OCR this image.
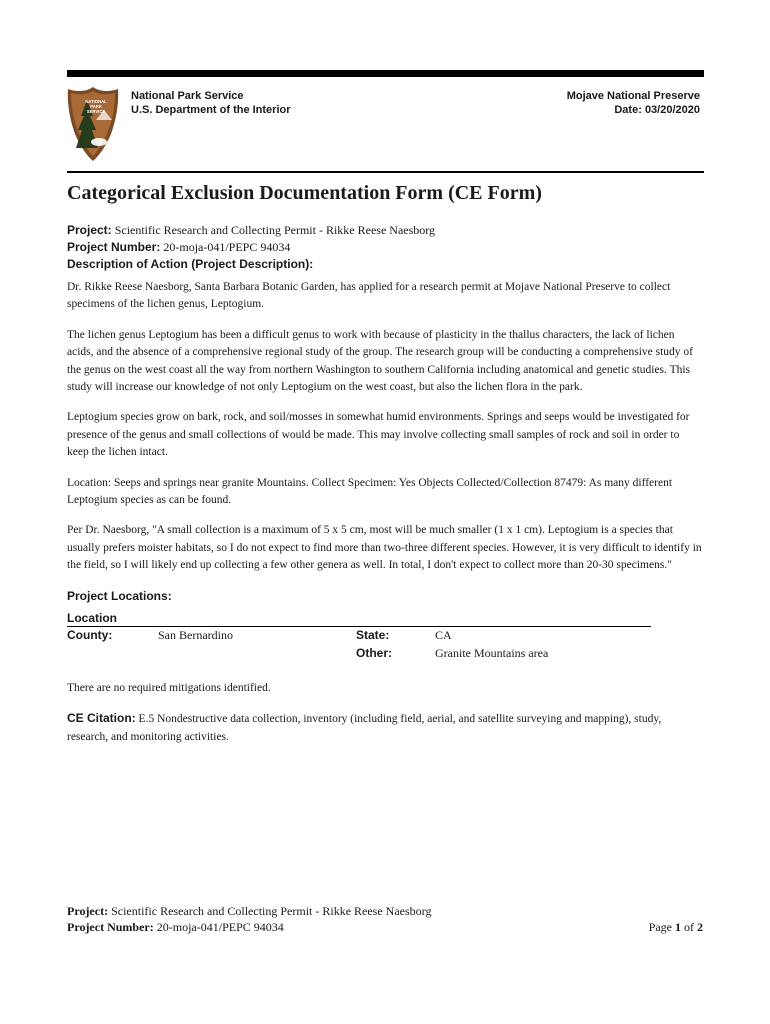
NATIONAL
PARK
SERVICE
National Park Service
U.S. Department of the Interior
Mojave National Preserve
Date: 03/20/2020
Categorical Exclusion Documentation Form (CE Form)
Project: Scientific Research and Collecting Permit - Rikke Reese Naesborg
Project Number: 20-moja-041/PEPC 94034
Description of Action (Project Description):

Dr. Rikke Reese Naesborg, Santa Barbara Botanic Garden, has applied for a research permit at Mojave National Preserve to collect specimens of the lichen genus, Leptogium.

The lichen genus Leptogium has been a difficult genus to work with because of plasticity in the thallus characters, the lack of lichen acids, and the absence of a comprehensive regional study of the group. The research group will be conducting a comprehensive study of the genus on the west coast all the way from northern Washington to southern California including anatomical and genetic studies. This study will increase our knowledge of not only Leptogium on the west coast, but also the lichen flora in the park.

Leptogium species grow on bark, rock, and soil/mosses in somewhat humid environments. Springs and seeps would be investigated for presence of the genus and small collections of would be made. This may involve collecting small samples of rock and soil in order to keep the lichen intact.

Location: Seeps and springs near granite Mountains. Collect Specimen: Yes Objects Collected/Collection 87479: As many different Leptogium species as can be found.

Per Dr. Naesborg, "A small collection is a maximum of 5 x 5 cm, most will be much smaller (1 x 1 cm). Leptogium is a species that usually prefers moister habitats, so I do not expect to find more than two-three different species. However, it is very difficult to identify in the field, so I will likely end up collecting a few other genera as well. In total, I don't expect to collect more than 20-30 specimens."

Project Locations:
Location
County:	San Bernardino	State:	CA
Other:	Granite Mountains area

There are no required mitigations identified.

CE Citation: E.5 Nondestructive data collection, inventory (including field, aerial, and satellite surveying and mapping), study, research, and monitoring activities.

Project: Scientific Research and Collecting Permit - Rikke Reese Naesborg
Project Number: 20-moja-041/PEPC 94034	Page 1 of 2
